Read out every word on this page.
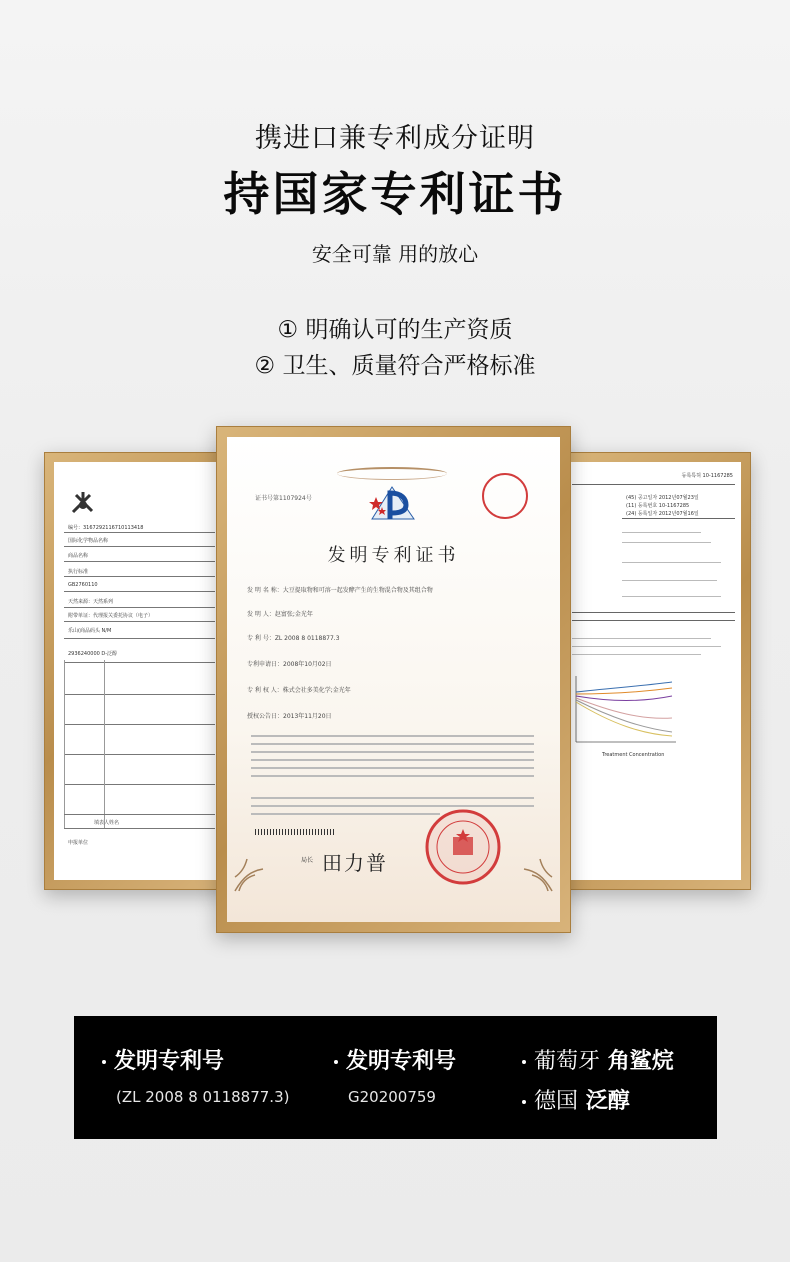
携进口兼专利成分证明
持国家专利证书
安全可靠 用的放心
① 明确认可的生产资质
② 卫生、质量符合严格标准
编号：3167292116710113418
国际化学物品名称
商品名称
执行标准
GB2760110
天然来源：天然系列
附带单证：代理报关委托协议（电子）
乐山(商品码头 N/M
2936240000 D-泛醇
填表人姓名
申报单位
등록특허 10-1167285
(45) 공고일자 2012년07월23일
(11) 등록번호 10-1167285
(24) 등록일자 2012년07월16일
Treatment Concentration
证书号第1107924号
发明专利证书
发 明 名 称：大豆提取物和可溶一起发酵产生的生物混合物及其组合物
发 明 人：赵富张;金光年
专 利 号：ZL 2008 8 0118877.3
专利申请日：2008年10月02日
专 利 权 人：株式会社多美化学;金光年
授权公告日：2013年11月20日
局长 田力普
发明专利号
(ZL 2008 8 0118877.3)
发明专利号
G20200759
葡萄牙 角鲨烷
德国 泛醇
